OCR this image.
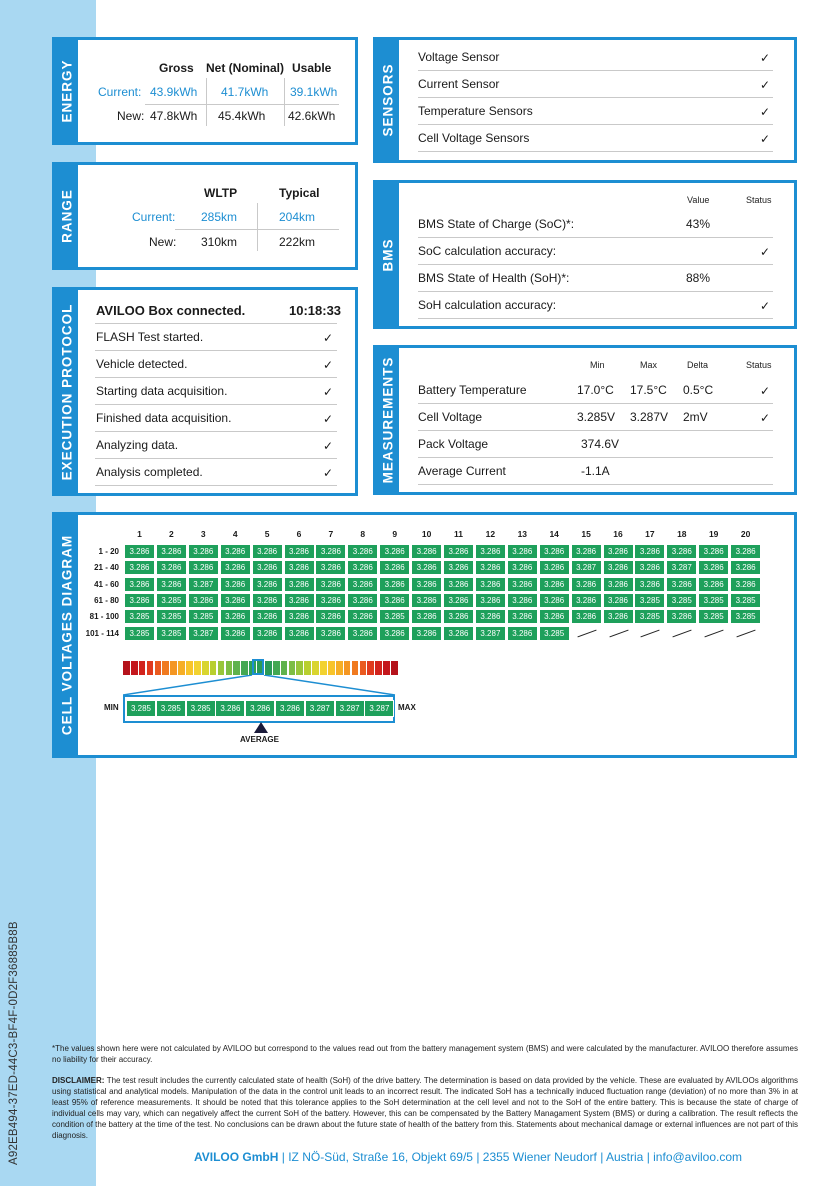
A92EB494-37ED-44C3-BF4F-0D2F36885B8B
ENERGY	Gross Net (Nominal) Usable
Current: 43.9kWh 41.7kWh 39.1kWh
New: 47.8kWh 45.4kWh 42.6kWh	SENSORS
Voltage Sensor	✓
Current Sensor	✓
Temperature Sensors	✓
Cell Voltage Sensors	✓
RANGE	WLTP	Typical
Current: 285km	204km
New: 310km	222km	BMS
Value	Status
BMS State of Charge (SoC)*:	43%
SoC calculation accuracy:	✓
BMS State of Health (SoH)*:	88%
SoH calculation accuracy:	✓
EXECUTION PROTOCOL AVILOO Box connected.	10:18:33
FLASH Test started.	✓
Vehicle detected.	✓
Starting data acquisition.	✓
Finished data acquisition.	✓
Analyzing data.	✓
Analysis completed.	✓	MEASUREMENTS	Min	Max	Delta	Status
Battery Temperature	17.0°C 17.5°C 0.5°C	✓
Cell Voltage	3.285V 3.287V 2mV	✓
Pack Voltage	374.6V
Average Current	-1.1A
CELL VOLTAGES DIAGRAM
1	2	3	4	5	6	7	8	9	10	11	12	13	14	15	16	17	18	19	20
1 - 20	3.286	3.286	3.286	3.286	3.286	3.286	3.286	3.286	3.286	3.286	3.286	3.286	3.286	3.286	3.286	3.286	3.286	3.286	3.286	3.286
21 - 40	3.286	3.286	3.286	3.286	3.286	3.286	3.286	3.286	3.286	3.286	3.286	3.286	3.286	3.286	3.287	3.286	3.286	3.287	3.286	3.286
41 - 60	3.286	3.286	3.287	3.286	3.286	3.286	3.286	3.286	3.286	3.286	3.286	3.286	3.286	3.286	3.286	3.286	3.286	3.286	3.286	3.286
61 - 80	3.286	3.285	3.286	3.286	3.286	3.286	3.286	3.286	3.286	3.286	3.286	3.286	3.286	3.286	3.286	3.286	3.285	3.285	3.285	3.285
81 - 100	3.285	3.285	3.285	3.286	3.286	3.286	3.286	3.286	3.285	3.286	3.286	3.286	3.286	3.286	3.286	3.286	3.285	3.286	3.285	3.285
101 - 114	3.285	3.285	3.287	3.286	3.286	3.286	3.286	3.286	3.286	3.286	3.286	3.287	3.286	3.285
MIN	MAX
3.285	3.285	3.285	3.286	3.286	3.286	3.287	3.287	3.287
AVERAGE
*The values shown here were not calculated by AVILOO but correspond to the values read out from the battery management system (BMS) and were calculated by the manufacturer. AVILOO therefore assumes no liability for their accuracy.
DISCLAIMER: The test result includes the currently calculated state of health (SoH) of the drive battery. The determination is based on data provided by the vehicle. These are evaluated by AVILOOs algorithms using statistical and analytical models. Manipulation of the data in the control unit leads to an incorrect result. The indicated SoH has a technically induced fluctuation range (deviation) of no more than 3% in at least 95% of reference measurements. It should be noted that this tolerance applies to the SoH determination at the cell level and not to the SoH of the entire battery. This is because the state of charge of individual cells may vary, which can negatively affect the current SoH of the battery. However, this can be compensated by the Battery Managament System (BMS) or during a calibration. The result reflects the condition of the battery at the time of the test. No conclusions can be drawn about the future state of health of the battery from this. Statements about mechanical damage or external influences are not part of this diagnosis.
AVILOO GmbH | IZ NÖ-Süd, Straße 16, Objekt 69/5 | 2355 Wiener Neudorf | Austria | info@aviloo.com
